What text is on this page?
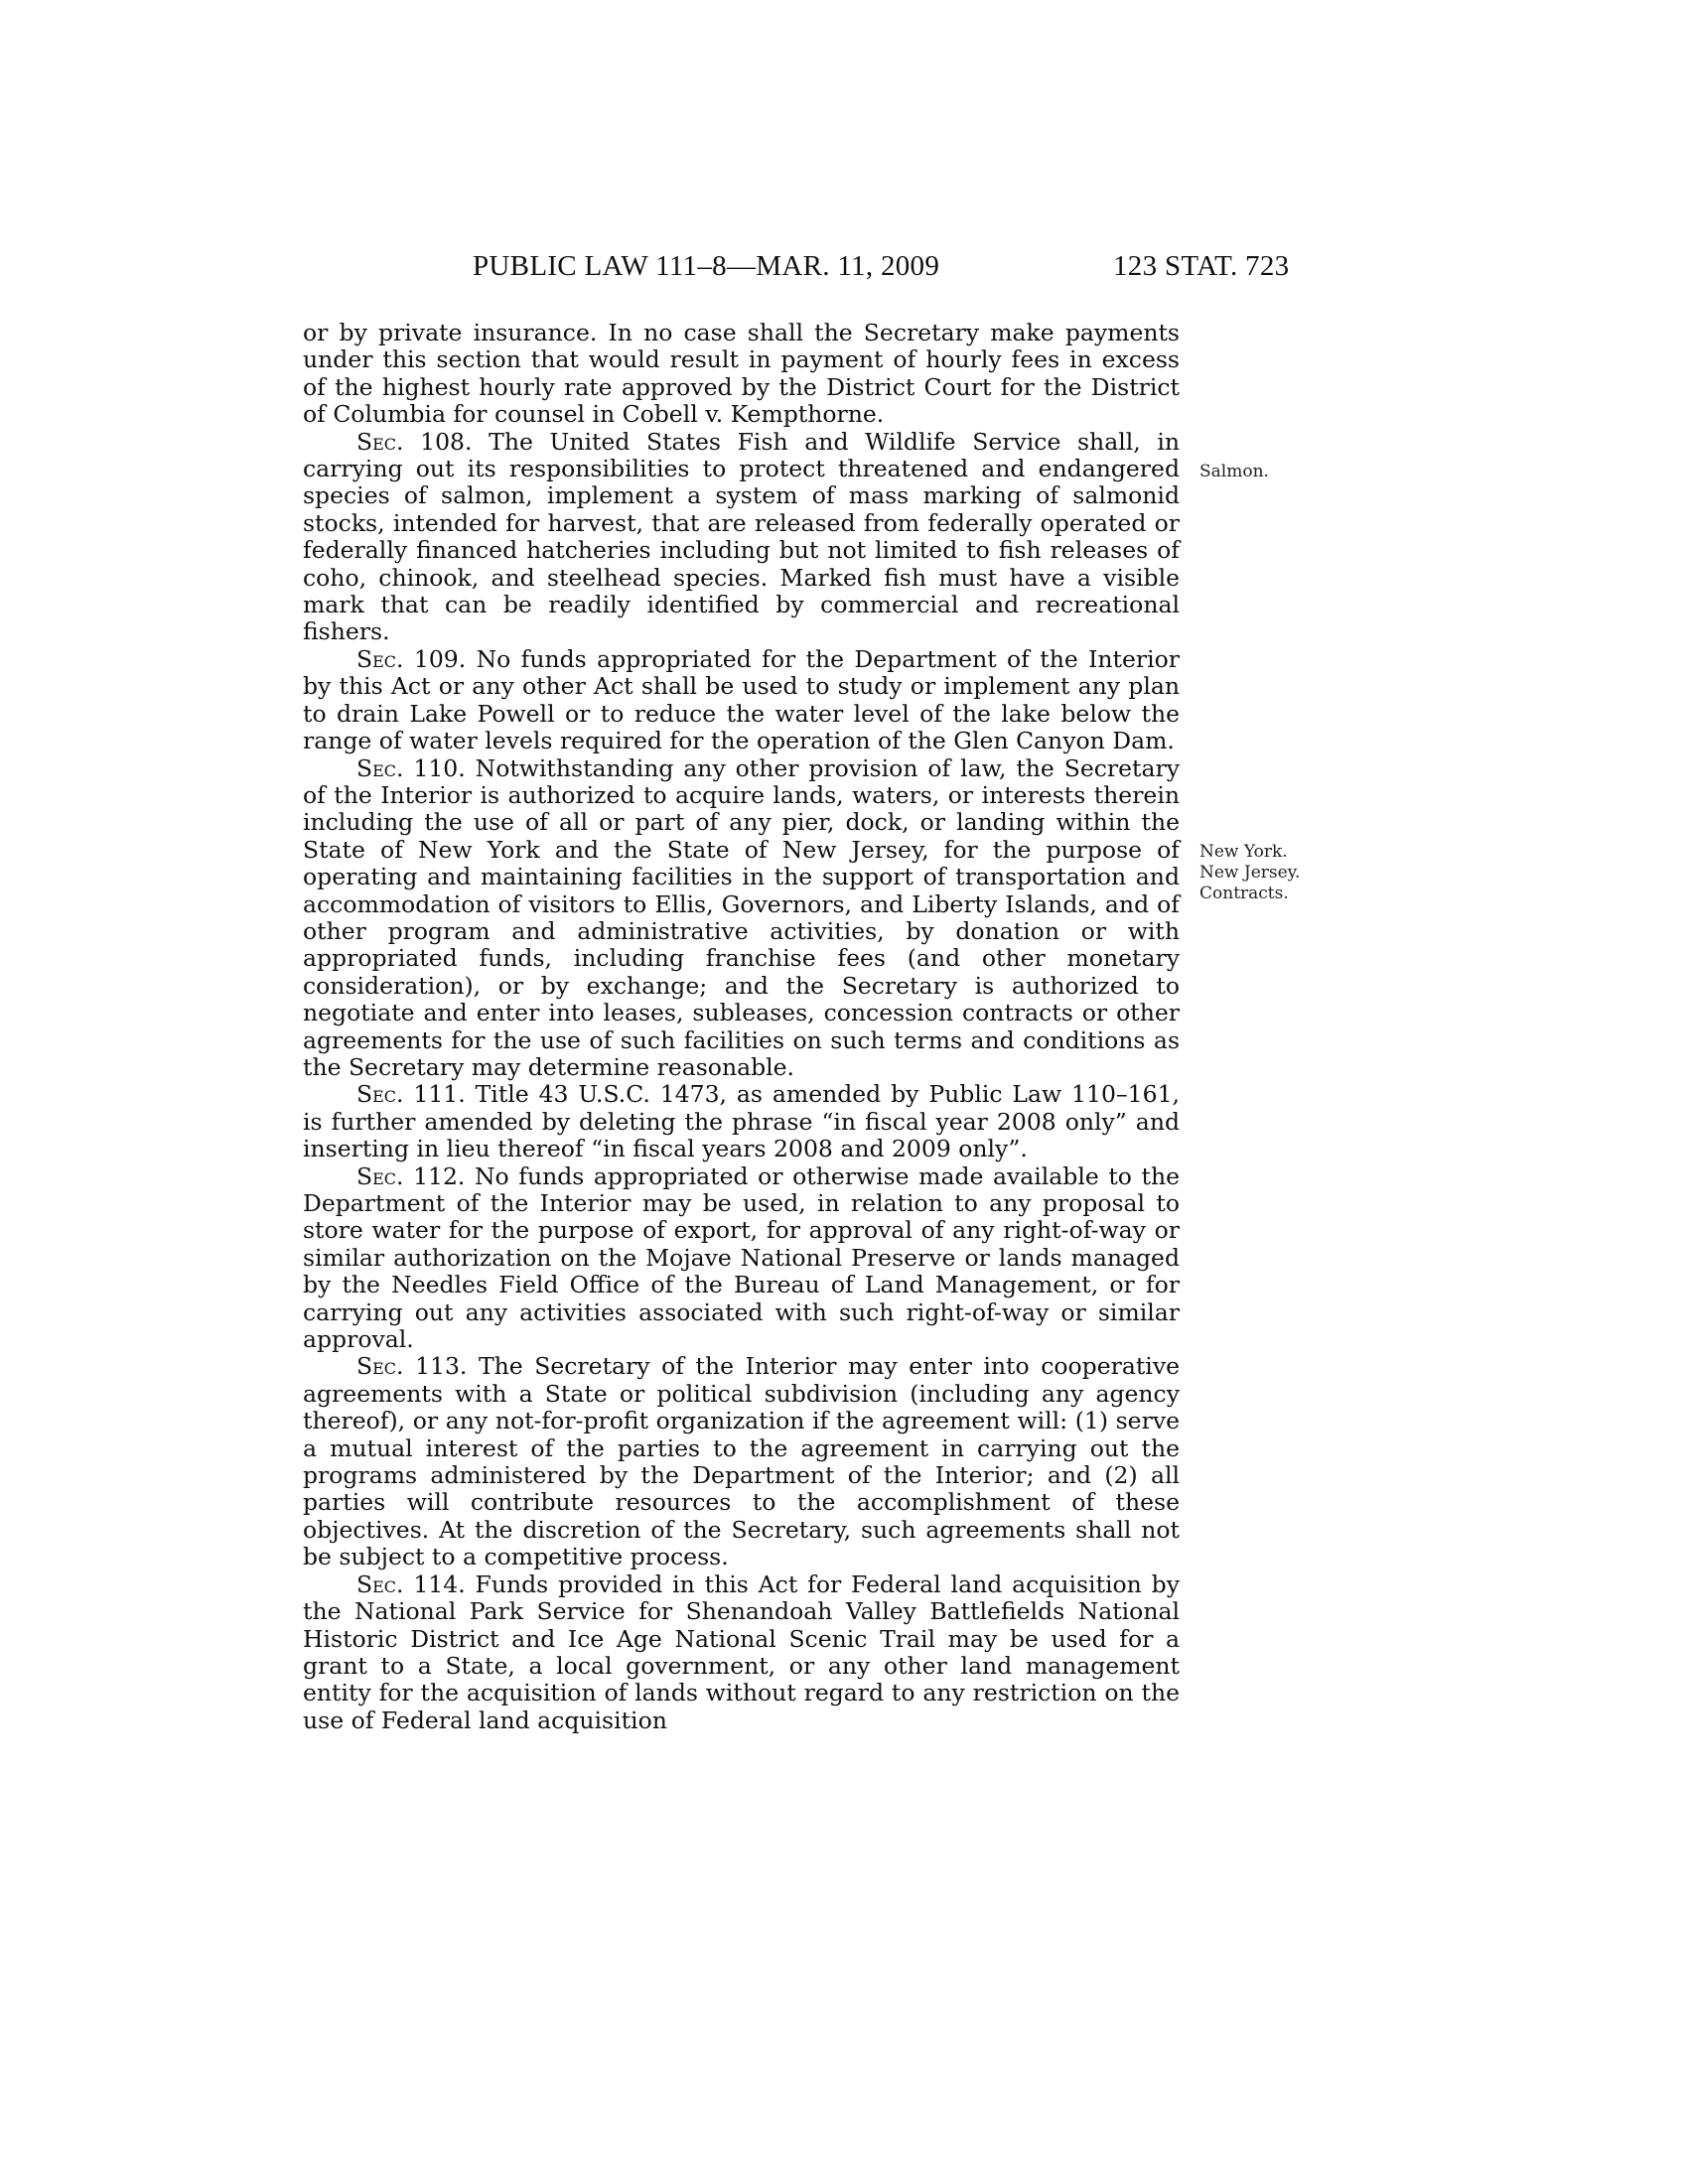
PUBLIC LAW 111–8—MAR. 11, 2009	123 STAT. 723

or by private insurance. In no case shall the Secretary make payments under this section that would result in payment of hourly fees in excess of the highest hourly rate approved by the District Court for the District of Columbia for counsel in Cobell v. Kempthorne.

Sec. 108. The United States Fish and Wildlife Service shall, in carrying out its responsibilities to protect threatened and endangered species of salmon, implement a system of mass marking of salmonid stocks, intended for harvest, that are released from federally operated or federally financed hatcheries including but not limited to fish releases of coho, chinook, and steelhead species. Marked fish must have a visible mark that can be readily identified by commercial and recreational fishers.

Sec. 109. No funds appropriated for the Department of the Interior by this Act or any other Act shall be used to study or implement any plan to drain Lake Powell or to reduce the water level of the lake below the range of water levels required for the operation of the Glen Canyon Dam.

Sec. 110. Notwithstanding any other provision of law, the Secretary of the Interior is authorized to acquire lands, waters, or interests therein including the use of all or part of any pier, dock, or landing within the State of New York and the State of New Jersey, for the purpose of operating and maintaining facilities in the support of transportation and accommodation of visitors to Ellis, Governors, and Liberty Islands, and of other program and administrative activities, by donation or with appropriated funds, including franchise fees (and other monetary consideration), or by exchange; and the Secretary is authorized to negotiate and enter into leases, subleases, concession contracts or other agreements for the use of such facilities on such terms and conditions as the Secretary may determine reasonable.

Sec. 111. Title 43 U.S.C. 1473, as amended by Public Law 110–161, is further amended by deleting the phrase “in fiscal year 2008 only” and inserting in lieu thereof “in fiscal years 2008 and 2009 only”.

Sec. 112. No funds appropriated or otherwise made available to the Department of the Interior may be used, in relation to any proposal to store water for the purpose of export, for approval of any right-of-way or similar authorization on the Mojave National Preserve or lands managed by the Needles Field Office of the Bureau of Land Management, or for carrying out any activities associated with such right-of-way or similar approval.

Sec. 113. The Secretary of the Interior may enter into cooperative agreements with a State or political subdivision (including any agency thereof), or any not-for-profit organization if the agreement will: (1) serve a mutual interest of the parties to the agreement in carrying out the programs administered by the Department of the Interior; and (2) all parties will contribute resources to the accomplishment of these objectives. At the discretion of the Secretary, such agreements shall not be subject to a competitive process.

Sec. 114. Funds provided in this Act for Federal land acquisition by the National Park Service for Shenandoah Valley Battlefields National Historic District and Ice Age National Scenic Trail may be used for a grant to a State, a local government, or any other land management entity for the acquisition of lands without regard to any restriction on the use of Federal land acquisition

Salmon.
New York.
New Jersey.
Contracts.
